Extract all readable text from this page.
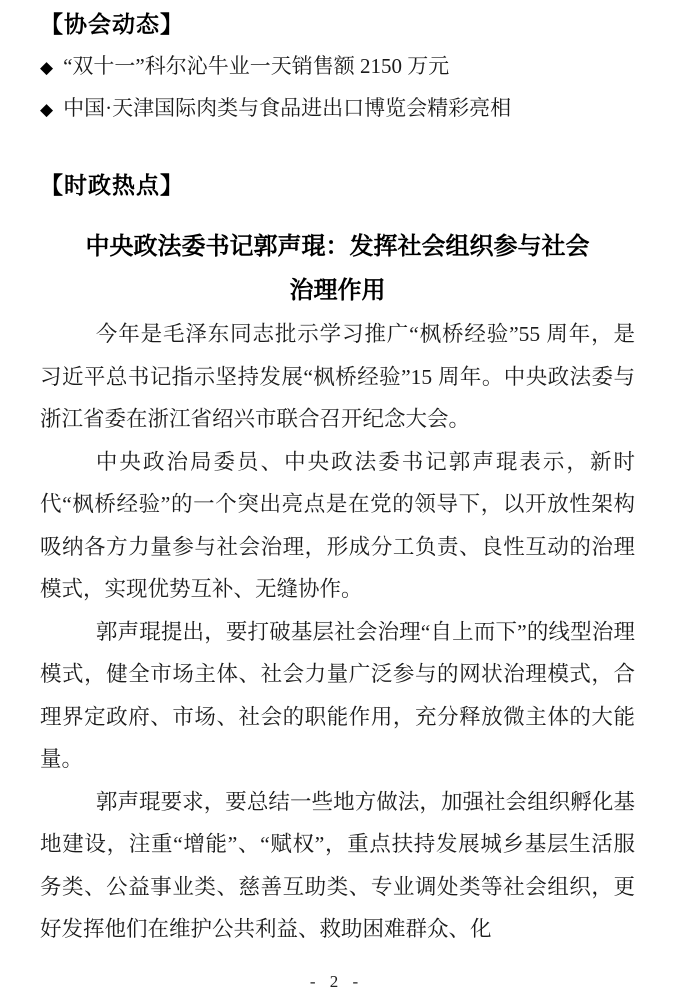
【协会动态】
◆ “双十一”科尔沁牛业一天销售额 2150 万元
◆ 中国·天津国际肉类与食品进出口博览会精彩亮相
【时政热点】
中央政法委书记郭声琨：发挥社会组织参与社会
治理作用

今年是毛泽东同志批示学习推广“枫桥经验”55 周年，是习近平总书记指示坚持发展“枫桥经验”15 周年。中央政法委与浙江省委在浙江省绍兴市联合召开纪念大会。

中央政治局委员、中央政法委书记郭声琨表示，新时代“枫桥经验”的一个突出亮点是在党的领导下，以开放性架构吸纳各方力量参与社会治理，形成分工负责、良性互动的治理模式，实现优势互补、无缝协作。

郭声琨提出，要打破基层社会治理“自上而下”的线型治理模式，健全市场主体、社会力量广泛参与的网状治理模式，合理界定政府、市场、社会的职能作用，充分释放微主体的大能量。

郭声琨要求，要总结一些地方做法，加强社会组织孵化基地建设，注重“增能”、“赋权”，重点扶持发展城乡基层生活服务类、公益事业类、慈善互助类、专业调处类等社会组织，更好发挥他们在维护公共利益、救助困难群众、化

- 2 -
